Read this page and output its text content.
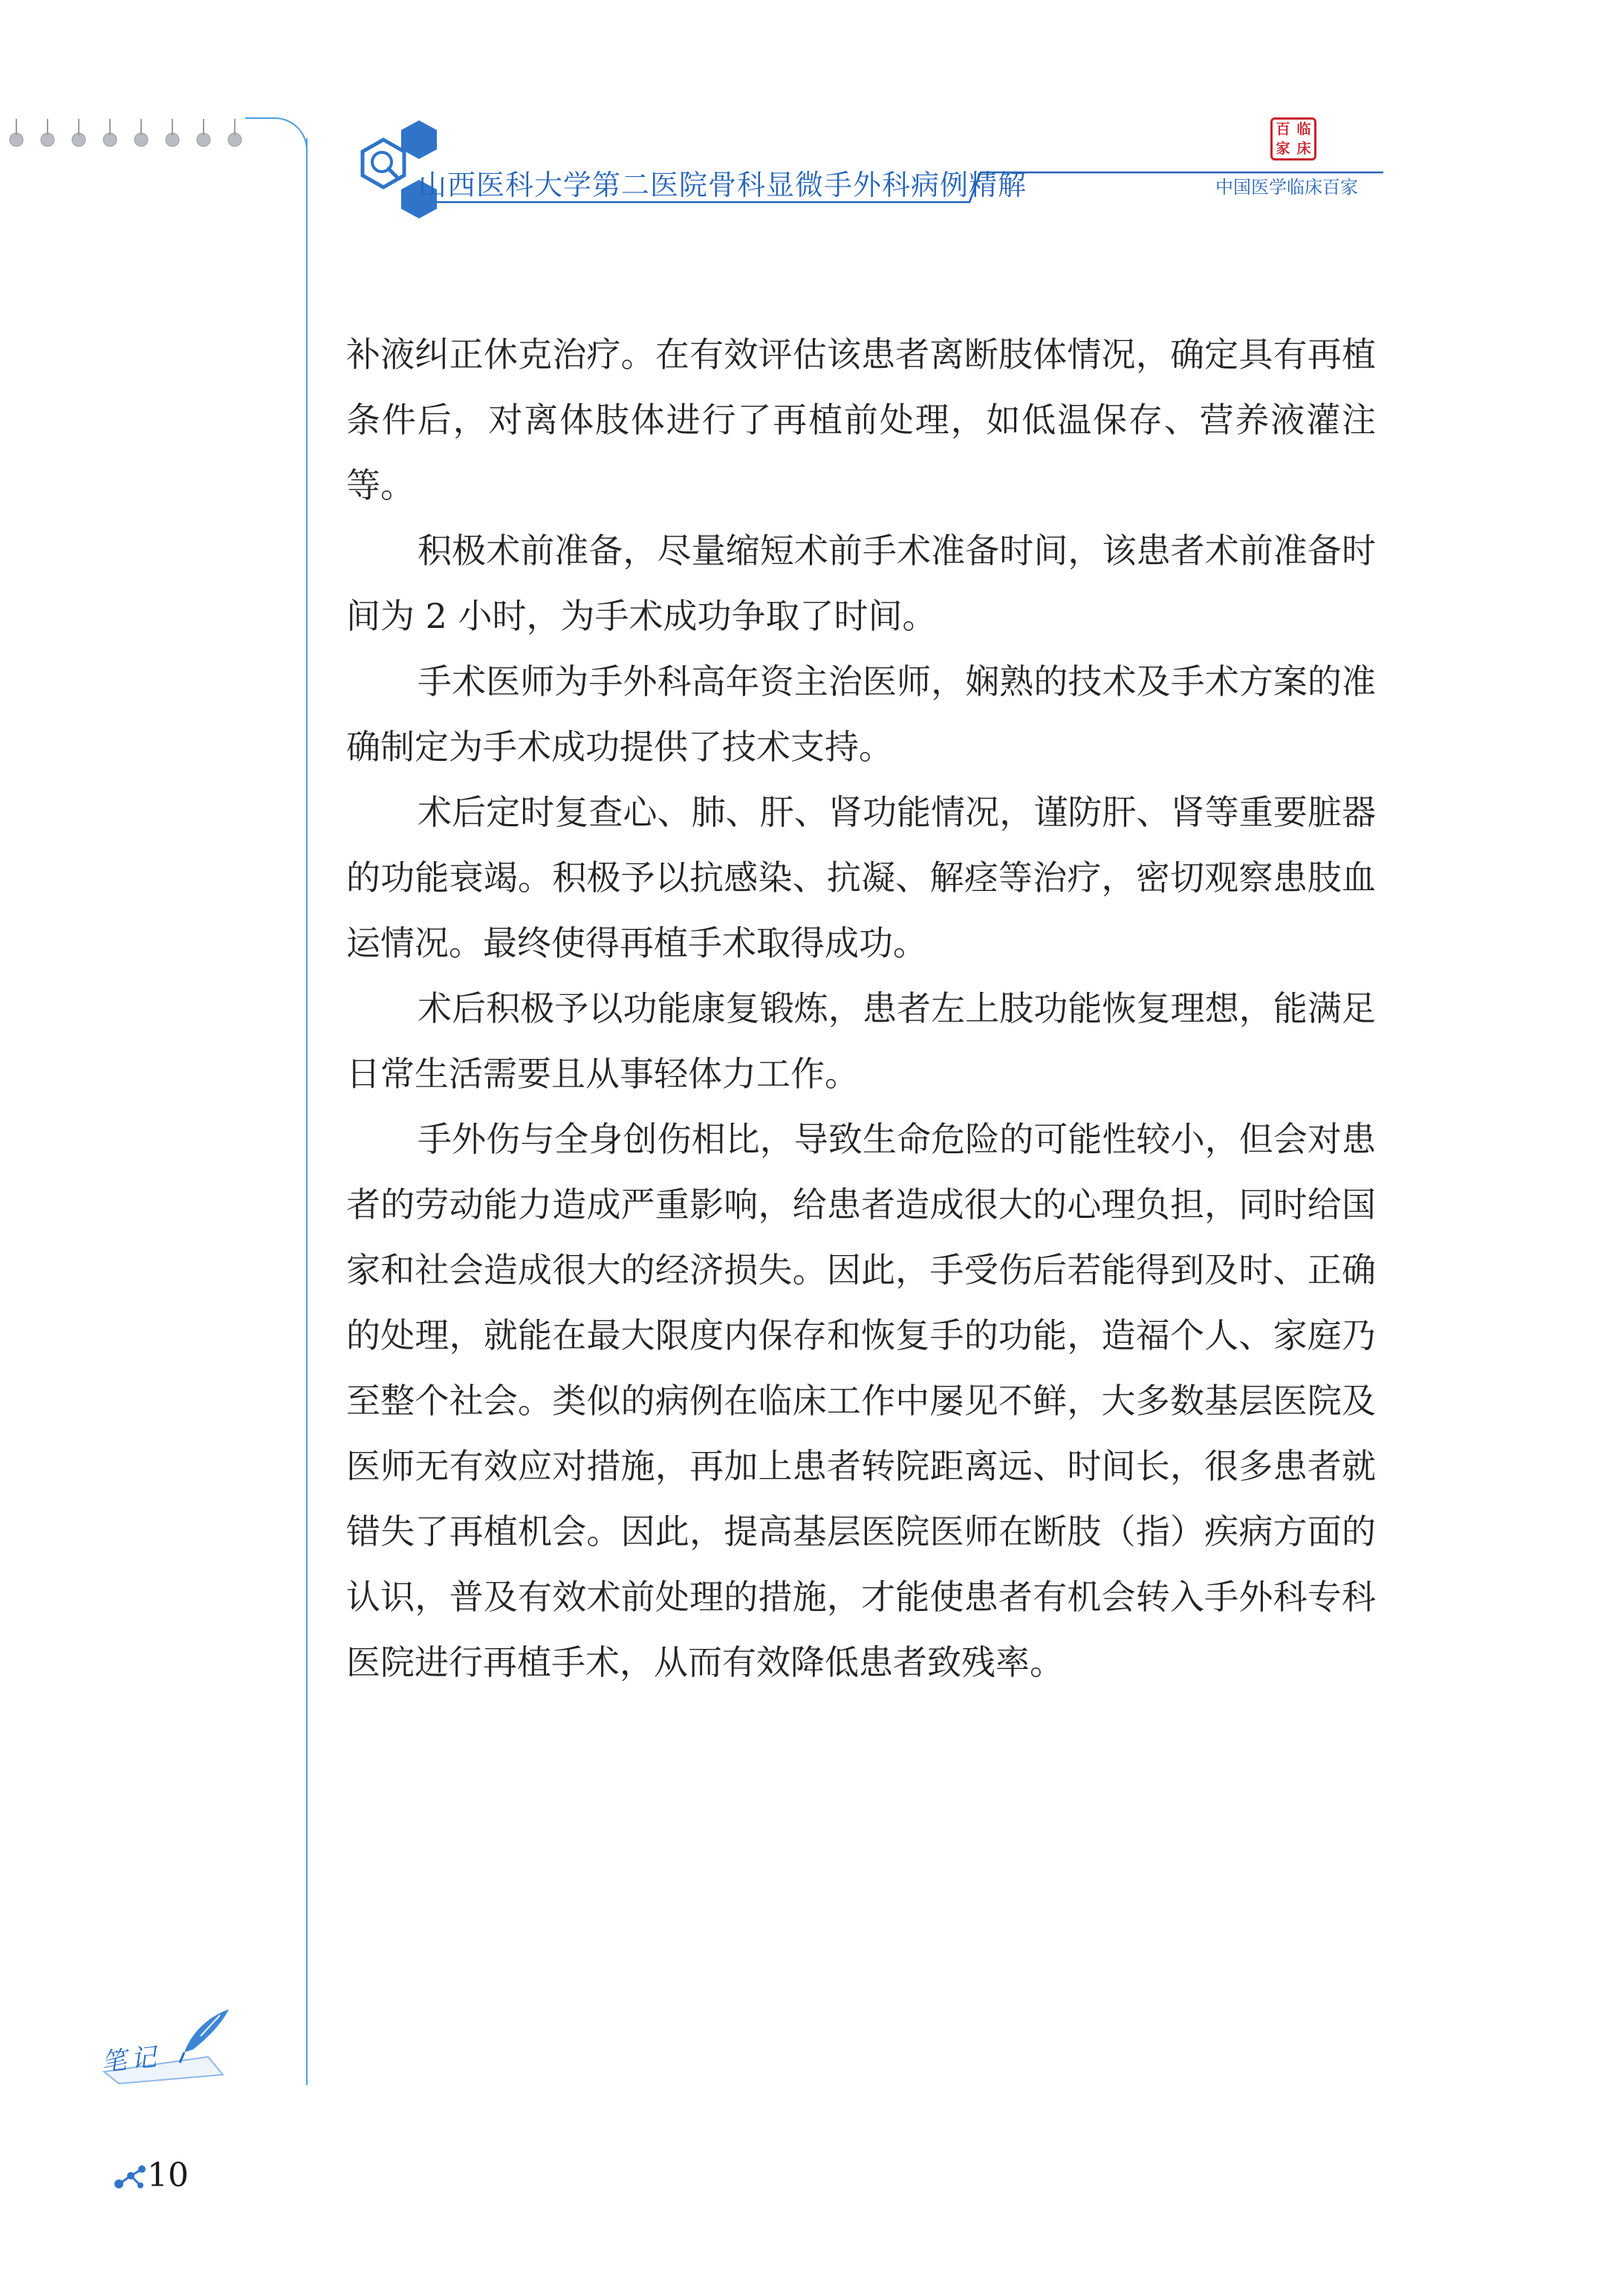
山西医科大学第二医院骨科显微手外科病例精解
百 临
家 床
中国医学临床百家

补液纠正休克治疗。在有效评估该患者离断肢体情况，确定具有再植条件后，对离体肢体进行了再植前处理，如低温保存、营养液灌注等。

积极术前准备，尽量缩短术前手术准备时间，该患者术前准备时间为 2 小时，为手术成功争取了时间。

手术医师为手外科高年资主治医师，娴熟的技术及手术方案的准确制定为手术成功提供了技术支持。

术后定时复查心、肺、肝、肾功能情况，谨防肝、肾等重要脏器的功能衰竭。积极予以抗感染、抗凝、解痉等治疗，密切观察患肢血运情况。最终使得再植手术取得成功。

术后积极予以功能康复锻炼，患者左上肢功能恢复理想，能满足日常生活需要且从事轻体力工作。

手外伤与全身创伤相比，导致生命危险的可能性较小，但会对患者的劳动能力造成严重影响，给患者造成很大的心理负担，同时给国家和社会造成很大的经济损失。因此，手受伤后若能得到及时、正确的处理，就能在最大限度内保存和恢复手的功能，造福个人、家庭乃至整个社会。类似的病例在临床工作中屡见不鲜，大多数基层医院及医师无有效应对措施，再加上患者转院距离远、时间长，很多患者就错失了再植机会。因此，提高基层医院医师在断肢（指）疾病方面的认识，普及有效术前处理的措施，才能使患者有机会转入手外科专科医院进行再植手术，从而有效降低患者致残率。

笔记
10
